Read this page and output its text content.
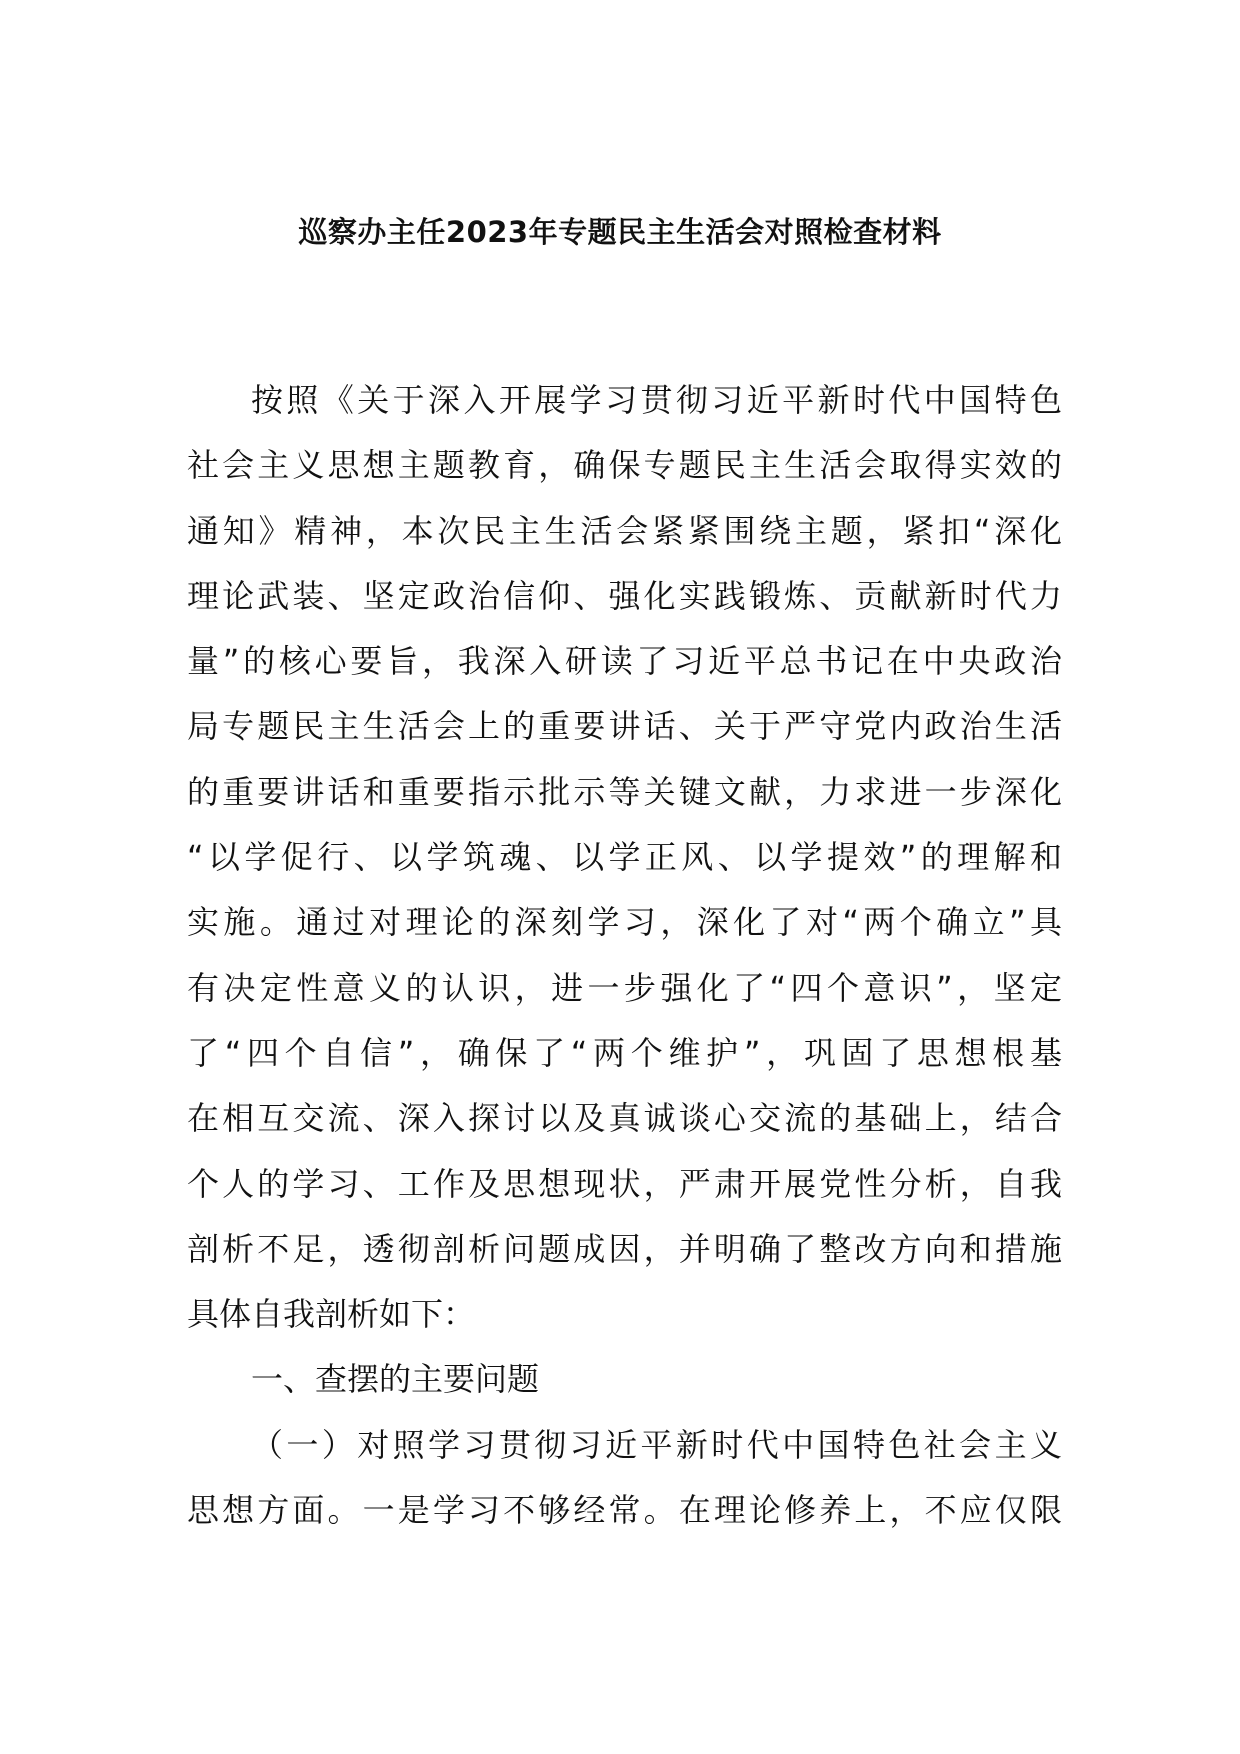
巡察办主任2023年专题民主生活会对照检查材料
按照《关于深入开展学习贯彻习近平新时代中国特色
社会主义思想主题教育，确保专题民主生活会取得实效的
通知》精神，本次民主生活会紧紧围绕主题，紧扣“深化
理论武装、坚定政治信仰、强化实践锻炼、贡献新时代力
量”的核心要旨，我深入研读了习近平总书记在中央政治
局专题民主生活会上的重要讲话、关于严守党内政治生活
的重要讲话和重要指示批示等关键文献，力求进一步深化
“以学促行、以学筑魂、以学正风、以学提效”的理解和
实施。通过对理论的深刻学习，深化了对“两个确立”具
有决定性意义的认识，进一步强化了“四个意识”，坚定
了“四个自信”，确保了“两个维护”，巩固了思想根基
在相互交流、深入探讨以及真诚谈心交流的基础上，结合
个人的学习、工作及思想现状，严肃开展党性分析，自我
剖析不足，透彻剖析问题成因，并明确了整改方向和措施
具体自我剖析如下：
一、查摆的主要问题
（一）对照学习贯彻习近平新时代中国特色社会主义
思想方面。一是学习不够经常。在理论修养上，不应仅限
